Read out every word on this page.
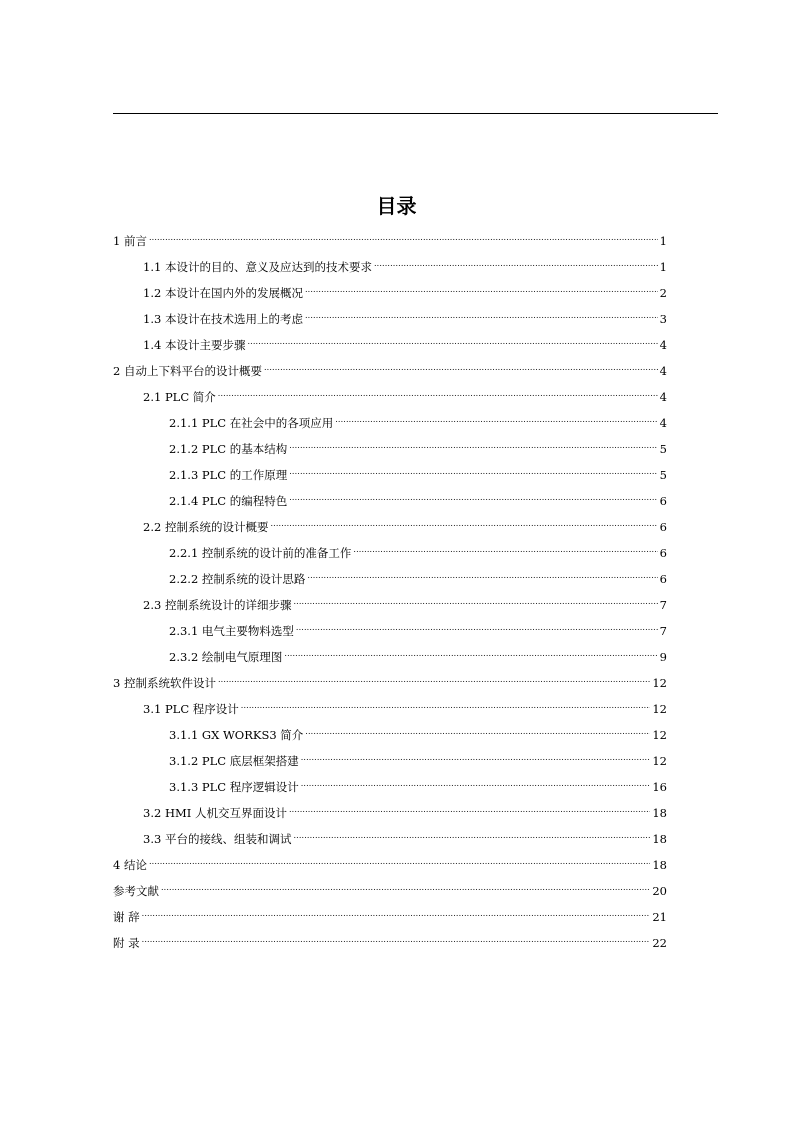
目录
1 前言 . . .	1
1.1 本设计的目的、意义及应达到的技术要求 . . .	1
1.2 本设计在国内外的发展概况 . . .	2
1.3 本设计在技术选用上的考虑 . . .	3
1.4 本设计主要步骤 . . .	4
2 自动上下料平台的设计概要 . . .	4
2.1 PLC 简介 . . .	4
2.1.1 PLC 在社会中的各项应用 . . .	4
2.1.2 PLC 的基本结构 . . .	5
2.1.3 PLC 的工作原理 . . .	5
2.1.4 PLC 的编程特色 . . .	6
2.2 控制系统的设计概要 . . .	6
2.2.1 控制系统的设计前的准备工作 . . .	6
2.2.2 控制系统的设计思路 . . .	6
2.3 控制系统设计的详细步骤 . . .	7
2.3.1 电气主要物料选型 . . .	7
2.3.2 绘制电气原理图 . . .	9
3 控制系统软件设计 . . .	12
3.1 PLC 程序设计 . . .	12
3.1.1 GX WORKS3 简介 . . .	12
3.1.2 PLC 底层框架搭建 . . .	12
3.1.3 PLC 程序逻辑设计 . . .	16
3.2 HMI 人机交互界面设计 . . .	18
3.3 平台的接线、组装和调试 . . .	18
4 结论 . . .	18
参考文献 . . .	20
谢 辞 . . .	21
附 录 . . .	22
